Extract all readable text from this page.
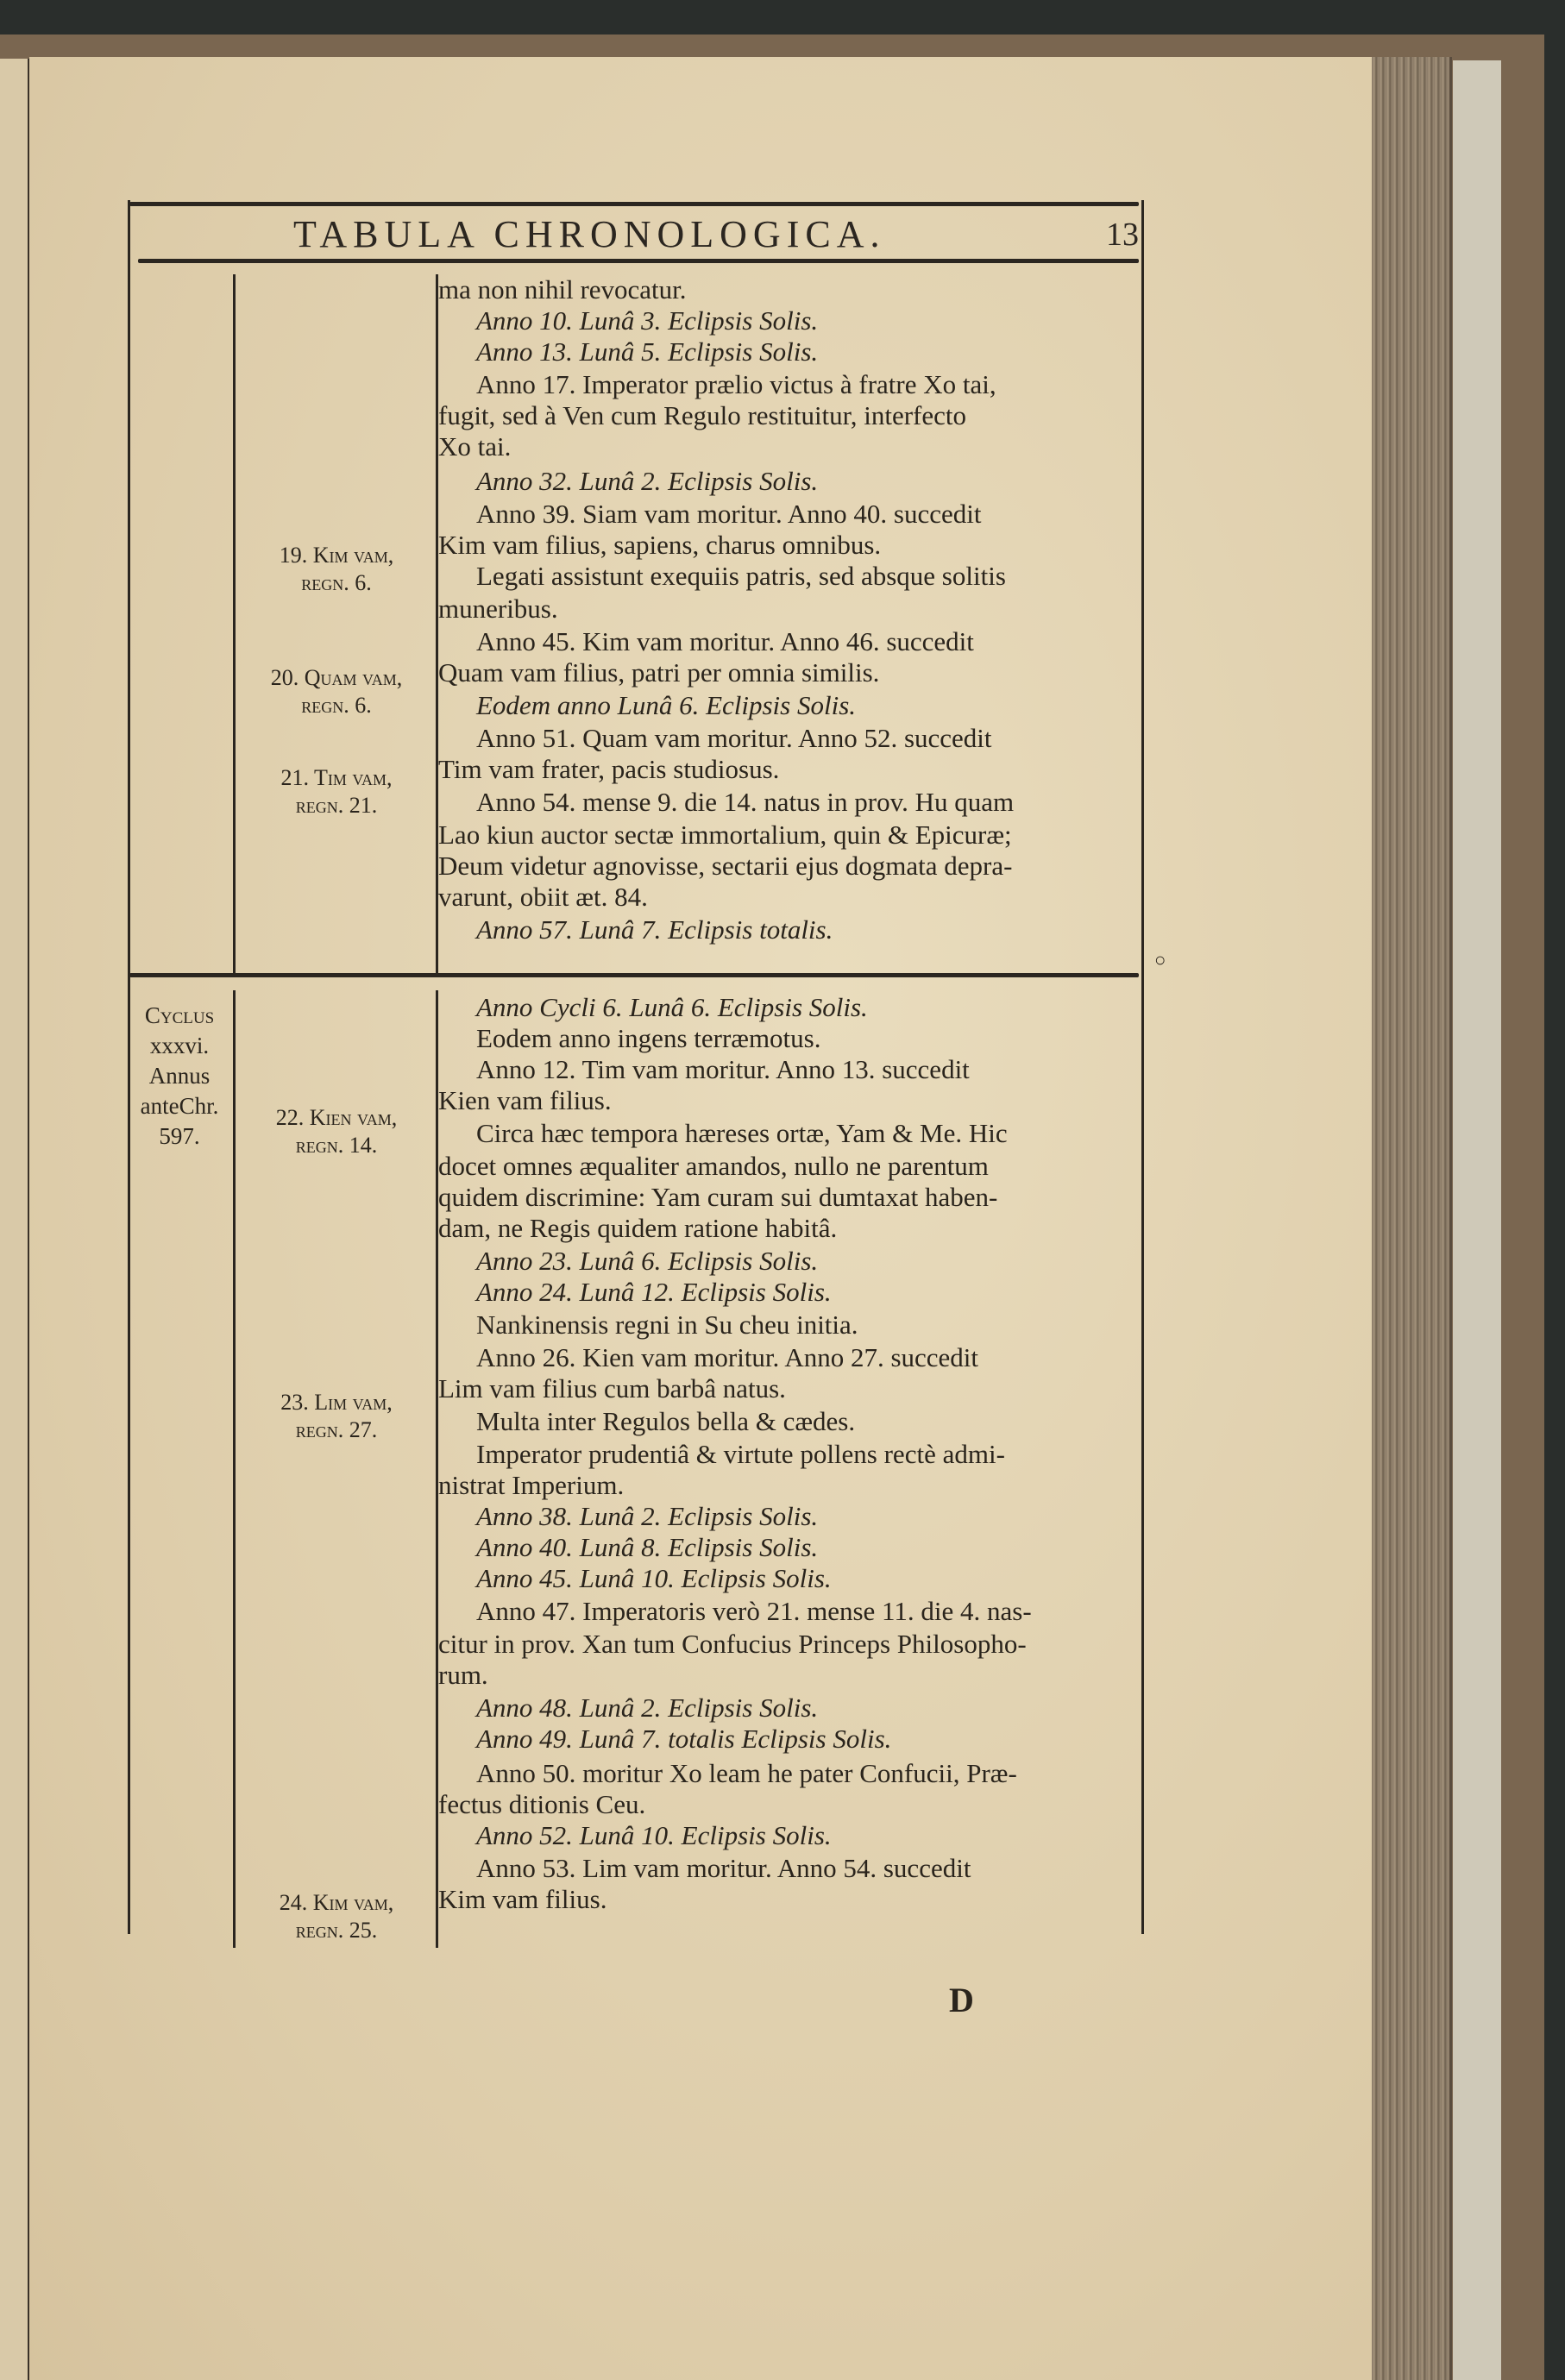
TABULA CHRONOLOGICA.	13
Cyclus
xxxvi.
Annus
anteChr.
597.
19. Kim vam,
regn. 6.
20. Quam vam,
regn. 6.
21. Tim vam,
regn. 21.
22. Kien vam,
regn. 14.
23. Lim vam,
regn. 27.
24. Kim vam,
regn. 25.
ma non nihil revocatur.
Anno 10. Lunâ 3. Eclipsis Solis.
Anno 13. Lunâ 5. Eclipsis Solis.
Anno 17. Imperator prælio victus à fratre Xo tai,
fugit, sed à Ven cum Regulo restituitur, interfecto
Xo tai.
Anno 32. Lunâ 2. Eclipsis Solis.
Anno 39. Siam vam moritur. Anno 40. succedit
Kim vam filius, sapiens, charus omnibus.
Legati assistunt exequiis patris, sed absque solitis
muneribus.
Anno 45. Kim vam moritur. Anno 46. succedit
Quam vam filius, patri per omnia similis.
Eodem anno Lunâ 6. Eclipsis Solis.
Anno 51. Quam vam moritur. Anno 52. succedit
Tim vam frater, pacis studiosus.
Anno 54. mense 9. die 14. natus in prov. Hu quam
Lao kiun auctor sectæ immortalium, quin & Epicuræ;
Deum videtur agnovisse, sectarii ejus dogmata depra-
varunt, obiit æt. 84.
Anno 57. Lunâ 7. Eclipsis totalis.
Anno Cycli 6. Lunâ 6. Eclipsis Solis.
Eodem anno ingens terræmotus.
Anno 12. Tim vam moritur. Anno 13. succedit
Kien vam filius.
Circa hæc tempora hæreses ortæ, Yam & Me. Hic
docet omnes æqualiter amandos, nullo ne parentum
quidem discrimine: Yam curam sui dumtaxat haben-
dam, ne Regis quidem ratione habitâ.
Anno 23. Lunâ 6. Eclipsis Solis.
Anno 24. Lunâ 12. Eclipsis Solis.
Nankinensis regni in Su cheu initia.
Anno 26. Kien vam moritur. Anno 27. succedit
Lim vam filius cum barbâ natus.
Multa inter Regulos bella & cædes.
Imperator prudentiâ & virtute pollens rectè admi-
nistrat Imperium.
Anno 38. Lunâ 2. Eclipsis Solis.
Anno 40. Lunâ 8. Eclipsis Solis.
Anno 45. Lunâ 10. Eclipsis Solis.
Anno 47. Imperatoris verò 21. mense 11. die 4. nas-
citur in prov. Xan tum Confucius Princeps Philosopho-
rum.
Anno 48. Lunâ 2. Eclipsis Solis.
Anno 49. Lunâ 7. totalis Eclipsis Solis.
Anno 50. moritur Xo leam he pater Confucii, Præ-
fectus ditionis Ceu.
Anno 52. Lunâ 10. Eclipsis Solis.
Anno 53. Lim vam moritur. Anno 54. succedit
Kim vam filius.
○
D
